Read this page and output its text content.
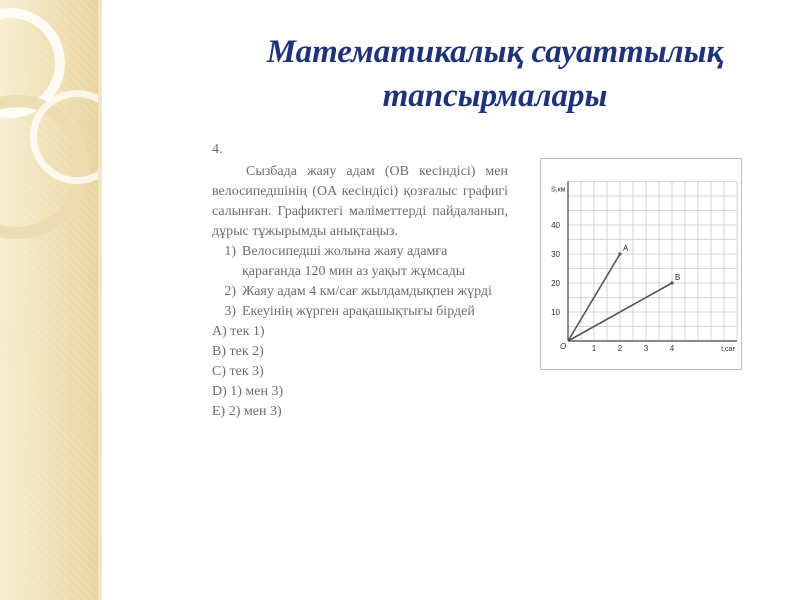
Математикалық сауаттылық
тапсырмалары
4.

Сызбада жаяу адам (OB кесіндісі) мен велосипедшінің (OA кесіндісі) қозғалыс графигі салынған. Графиктегі мәліметтерді пайдаланып, дұрыс тұжырымды анықтаңыз.

1) Велосипедші жолына жаяу адамға қарағанда 120 мин аз уақыт жұмсады
2) Жаяу адам 4 км/сағ жылдамдықпен жүрді
3) Екеуінің жүрген арақашықтығы бірдей

А) тек 1)

В) тек 2)

С) тек 3)

D) 1) мен 3)

Е) 2) мен 3)

1	2	3	4
10
20
30
40
O	t,сағ
S,км
A
B
